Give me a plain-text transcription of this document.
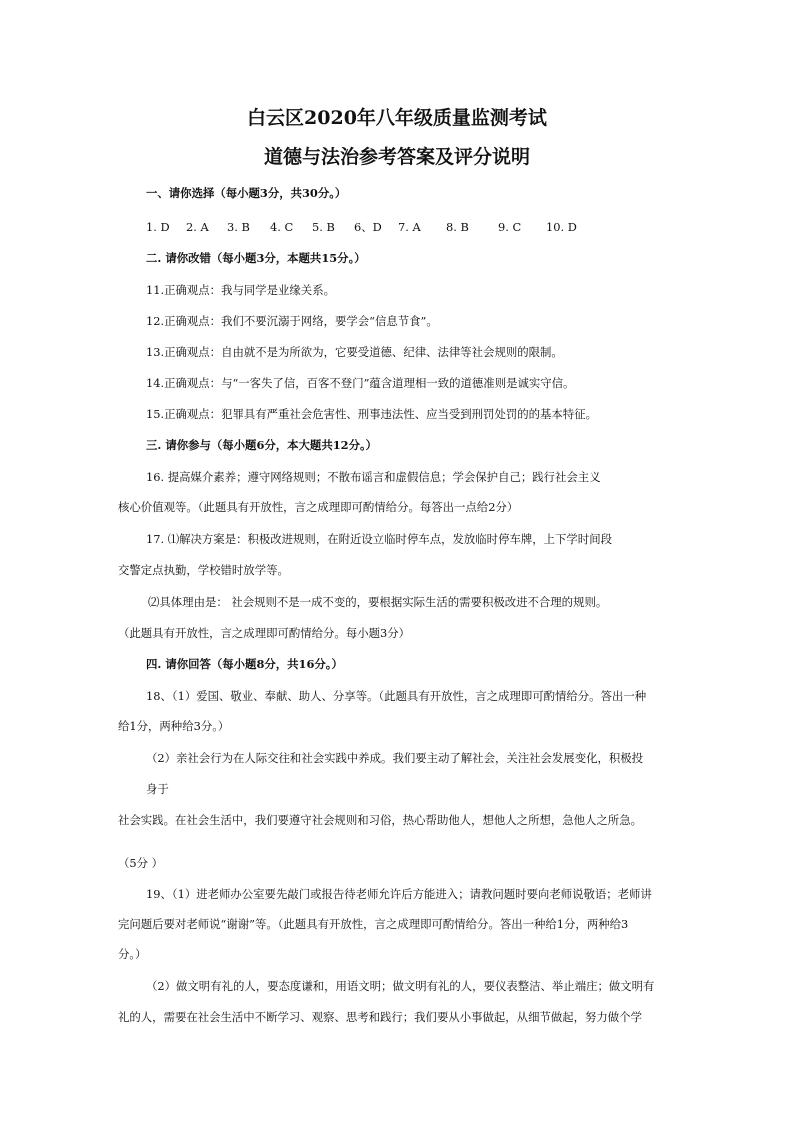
白云区2020年八年级质量监测考试
道德与法治参考答案及评分说明
一、请你选择（每小题3分，共30分。）
1. D 2. A 3. B 4. C 5. B 6、D 7. A 8. B	9. C 10. D
二. 请你改错（每小题3分，本题共15分。）
11.正确观点：我与同学是业缘关系。
12.正确观点：我们不要沉溺于网络，要学会“信息节食”。
13.正确观点：自由就不是为所欲为，它要受道德、纪律、法律等社会规则的限制。
14.正确观点：与“一客失了信，百客不登门”蕴含道理相一致的道德准则是诚实守信。
15.正确观点：犯罪具有严重社会危害性、刑事违法性、应当受到刑罚处罚的的基本特征。
三. 请你参与（每小题6分，本大题共12分。）
16. 提高媒介素养；遵守网络规则；不散布谣言和虚假信息；学会保护自己；践行社会主义
核心价值观等。（此题具有开放性，言之成理即可酌情给分。每答出一点给2分）
17. ⑴解决方案是：积极改进规则，在附近设立临时停车点，发放临时停车牌，上下学时间段
交警定点执勤，学校错时放学等。
⑵具体理由是： 社会规则不是一成不变的，要根据实际生活的需要积极改进不合理的规则。
（此题具有开放性，言之成理即可酌情给分。每小题3分）
四. 请你回答（每小题8分，共16分。）
18、（1）爱国、敬业、奉献、助人、分享等。（此题具有开放性，言之成理即可酌情给分。答出一种
给1分，两种给3分。）
（2）亲社会行为在人际交往和社会实践中养成。我们要主动了解社会，关注社会发展变化，积极投
身于
社会实践。在社会生活中，我们要遵守社会规则和习俗，热心帮助他人，想他人之所想，急他人之所急。
（5分 ）
19、（1）进老师办公室要先敲门或报告待老师允许后方能进入；请教问题时要向老师说敬语；老师讲
完问题后要对老师说“谢谢”等。（此题具有开放性，言之成理即可酌情给分。答出一种给1分，两种给3
分。）
（2）做文明有礼的人，要态度谦和，用语文明；做文明有礼的人，要仪表整洁、举止端庄；做文明有
礼的人，需要在社会生活中不断学习、观察、思考和践行；我们要从小事做起，从细节做起，努力做个学
